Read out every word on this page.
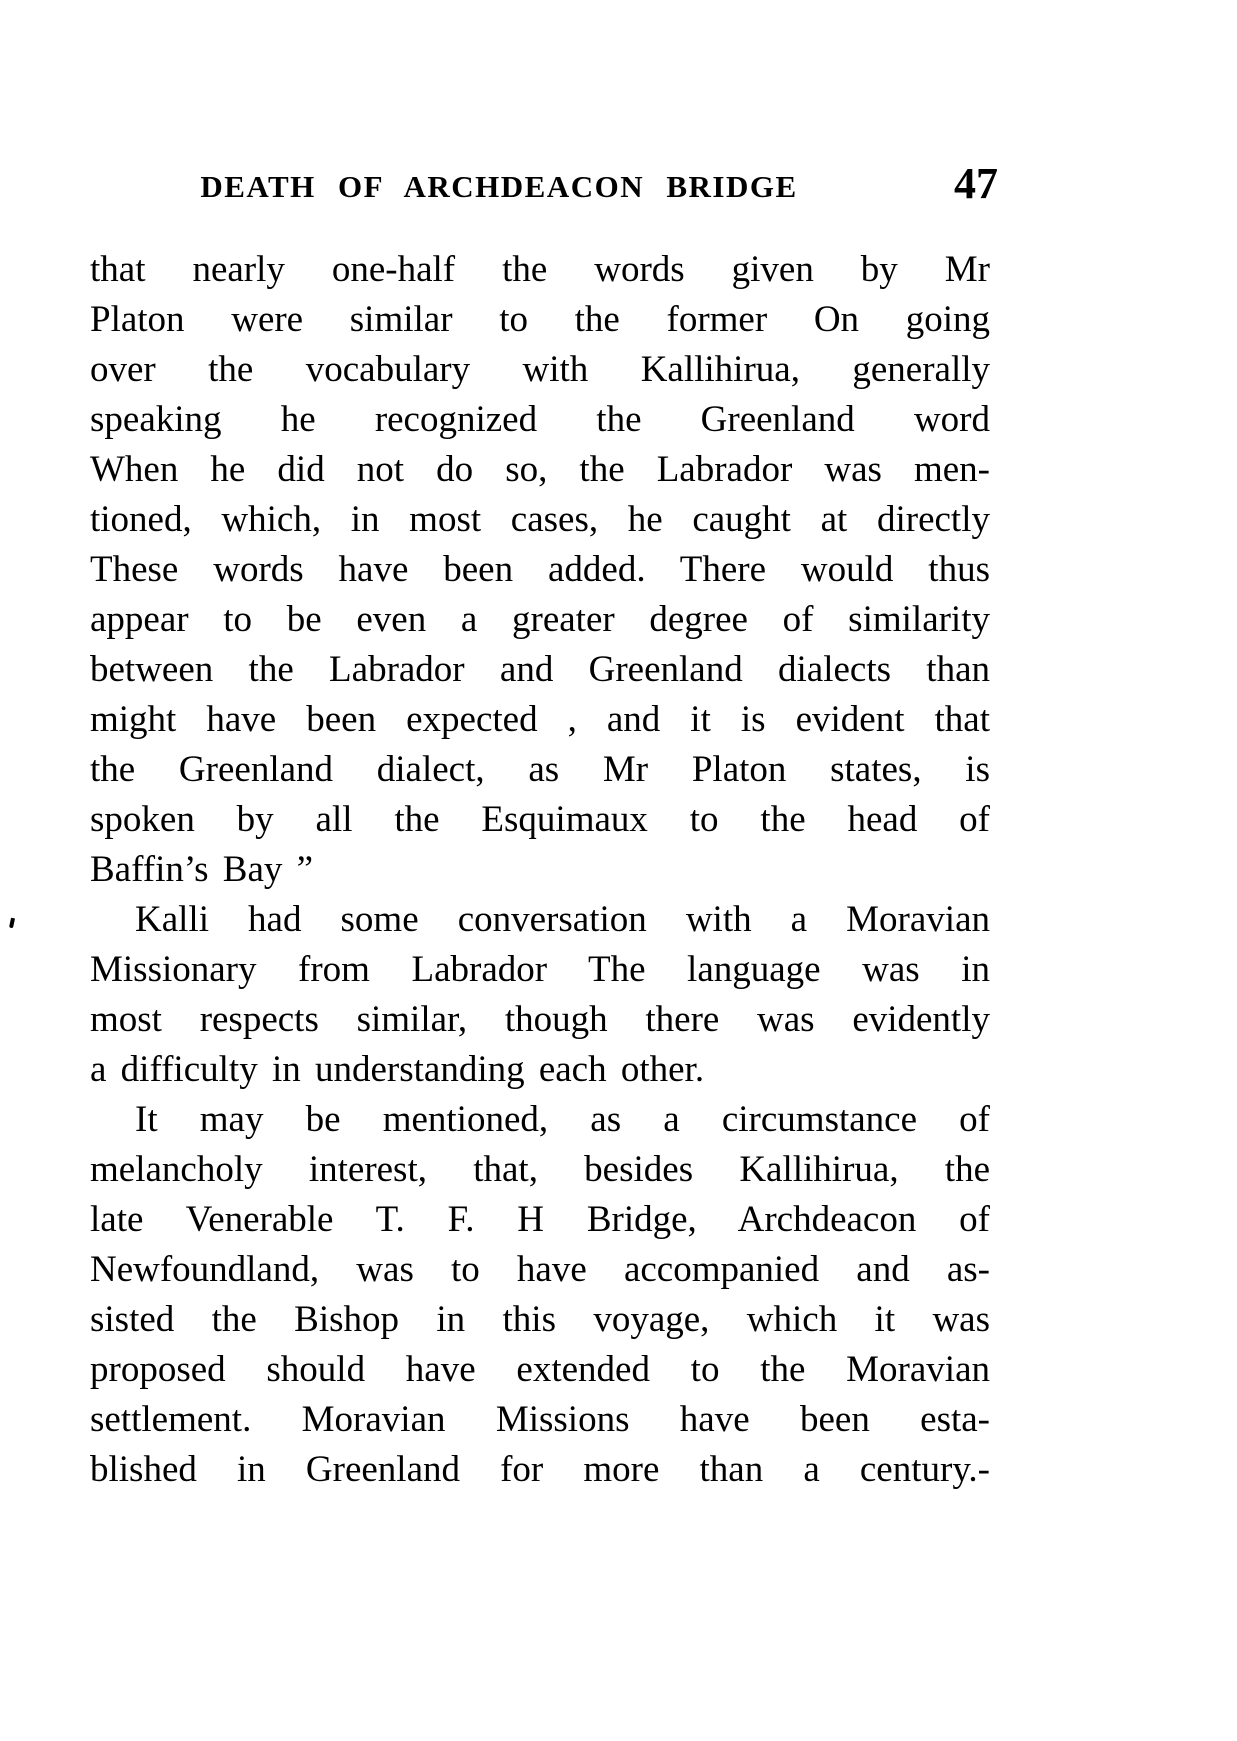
DEATH OF ARCHDEACON BRIDGE	47
that nearly one-half the words given by Mr
Platon were similar to the former On going
over the vocabulary with Kallihirua, generally
speaking he recognized the Greenland word
When he did not do so, the Labrador was men-
tioned, which, in most cases, he caught at directly
These words have been added. There would thus
appear to be even a greater degree of similarity
between the Labrador and Greenland dialects than
might have been expected , and it is evident that
the Greenland dialect, as Mr Platon states, is
spoken by all the Esquimaux to the head of
Baffin’s Bay ”
Kalli had some conversation with a Moravian
Missionary from Labrador The language was in
most respects similar, though there was evidently
a difficulty in understanding each other.
It may be mentioned, as a circumstance of
melancholy interest, that, besides Kallihirua, the
late Venerable T. F. H Bridge, Archdeacon of
Newfoundland, was to have accompanied and as-
sisted the Bishop in this voyage, which it was
proposed should have extended to the Moravian
settlement. Moravian Missions have been esta-
blished in Greenland for more than a century.-
